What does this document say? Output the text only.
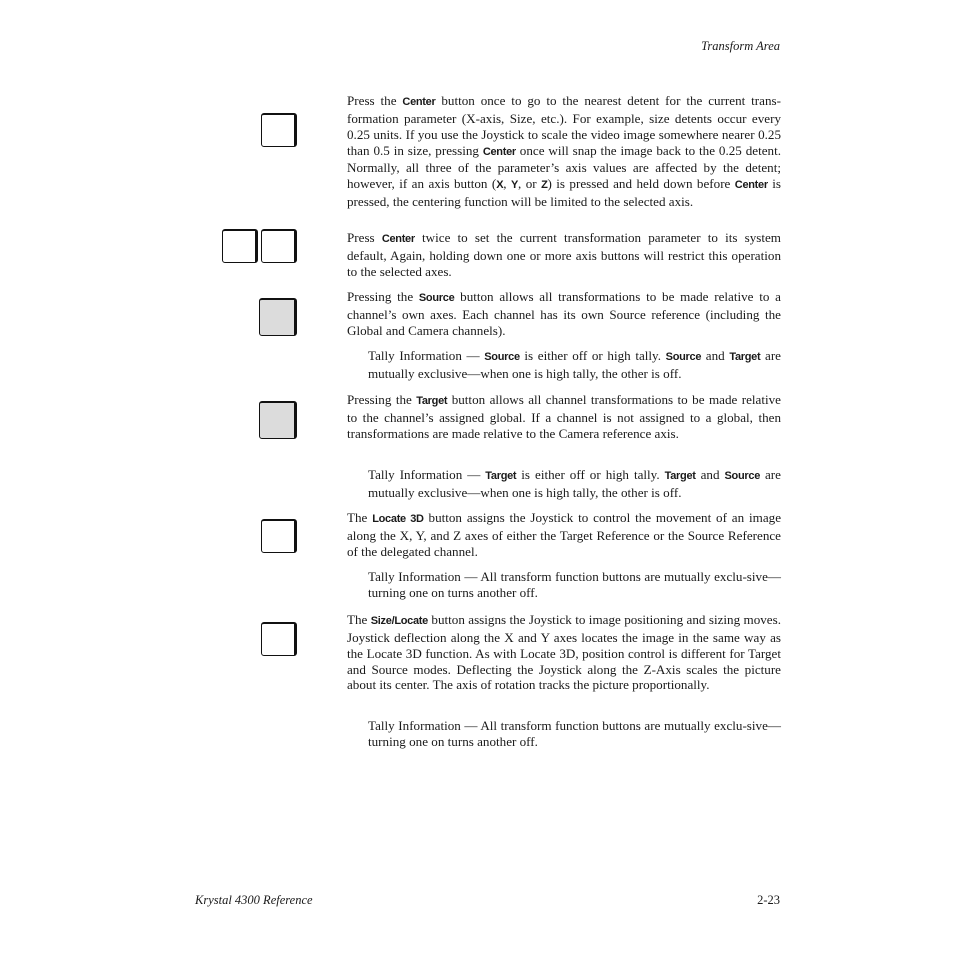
Transform Area
Press the Center button once to go to the nearest detent for the current trans-formation parameter (X-axis, Size, etc.). For example, size detents occur every 0.25 units. If you use the Joystick to scale the video image somewhere nearer 0.25 than 0.5 in size, pressing Center once will snap the image back to the 0.25 detent. Normally, all three of the parameter’s axis values are affected by the detent; however, if an axis button (X, Y, or Z) is pressed and held down before Center is pressed, the centering function will be limited to the selected axis.
Press Center twice to set the current transformation parameter to its system default, Again, holding down one or more axis buttons will restrict this operation to the selected axes.
Pressing the Source button allows all transformations to be made relative to a channel’s own axes. Each channel has its own Source reference (including the Global and Camera channels).
Tally Information — Source is either off or high tally. Source and Target are mutually exclusive—when one is high tally, the other is off.
Pressing the Target button allows all channel transformations to be made relative to the channel’s assigned global. If a channel is not assigned to a global, then transformations are made relative to the Camera reference axis.
Tally Information — Target is either off or high tally. Target and Source are mutually exclusive—when one is high tally, the other is off.
The Locate 3D button assigns the Joystick to control the movement of an image along the X, Y, and Z axes of either the Target Reference or the Source Reference of the delegated channel.
Tally Information — All transform function buttons are mutually exclu-sive—turning one on turns another off.
The Size/Locate button assigns the Joystick to image positioning and sizing moves. Joystick deflection along the X and Y axes locates the image in the same way as the Locate 3D function. As with Locate 3D, position control is different for Target and Source modes. Deflecting the Joystick along the Z-Axis scales the picture about its center. The axis of rotation tracks the picture proportionally.
Tally Information — All transform function buttons are mutually exclu-sive—turning one on turns another off.
Krystal 4300 Reference	2-23
